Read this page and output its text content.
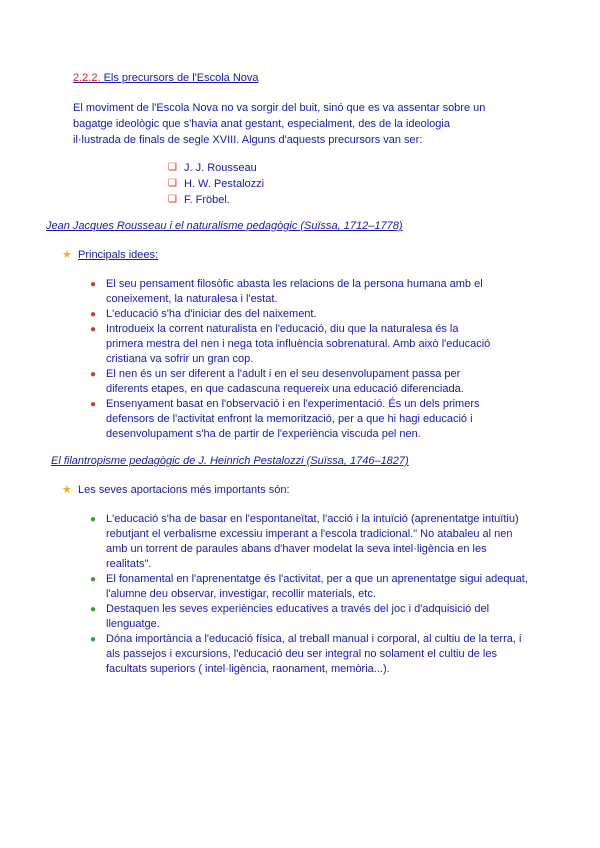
2.2.2. Els precursors de l'Escola Nova
El moviment de l'Escola Nova no va sorgir del buit, sinó que es va assentar sobre un
bagatge ideològic que s'havia anat gestant, especialment, des de la ideologia
il·lustrada de finals de segle XVIII. Alguns d'aquests precursors van ser:
❏ J. J. Rousseau
❏ H. W. Pestalozzi
❏ F. Fröbel.
Jean Jacques Rousseau i el naturalisme pedagògic (Suïssa, 1712–1778)
★ Principals idees:
● El seu pensament filosòfic abasta les relacions de la persona humana amb el coneixement, la naturalesa i l'estat.
● L'educació s'ha d'iniciar des del naixement.
● Introdueix la corrent naturalista en l'educació, diu que la naturalesa és la primera mestra del nen i nega tota influència sobrenatural. Amb això l'educació cristiana va sofrir un gran cop.
● El nen és un ser diferent a l'adult i en el seu desenvolupament passa per diferents etapes, en que cadascuna requereix una educació diferenciada.
● Ensenyament basat en l'observació i en l'experimentació. És un dels primers defensors de l'activitat enfront la memorització, per a que hi hagi educació i desenvolupament s'ha de partir de l'experiència viscuda pel nen.
El filantropisme pedagògic de J. Heinrich Pestalozzi (Suïssa, 1746–1827)
★ Les seves aportacions més importants són:
● L'educació s'ha de basar en l'espontaneïtat, l'acció i la intuïció (aprenentatge intuïtiu) rebutjant el verbalisme excessiu imperant a l'escola tradicional." No atabaleu al nen amb un torrent de paraules abans d'haver modelat la seva intel·ligència en les realitats".
● El fonamental en l'aprenentatge és l'activitat, per a que un aprenentatge sigui adequat, l'alumne deu observar, investigar, recollir materials, etc.
● Destaquen les seves experiències educatives a través del joc i d'adquisició del llenguatge.
● Dóna importància a l'educació física, al treball manual i corporal, al cultiu de la terra, i als passejos i excursions, l'educació deu ser integral no solament el cultiu de les facultats superiors ( intel·ligència, raonament, memòria...).
